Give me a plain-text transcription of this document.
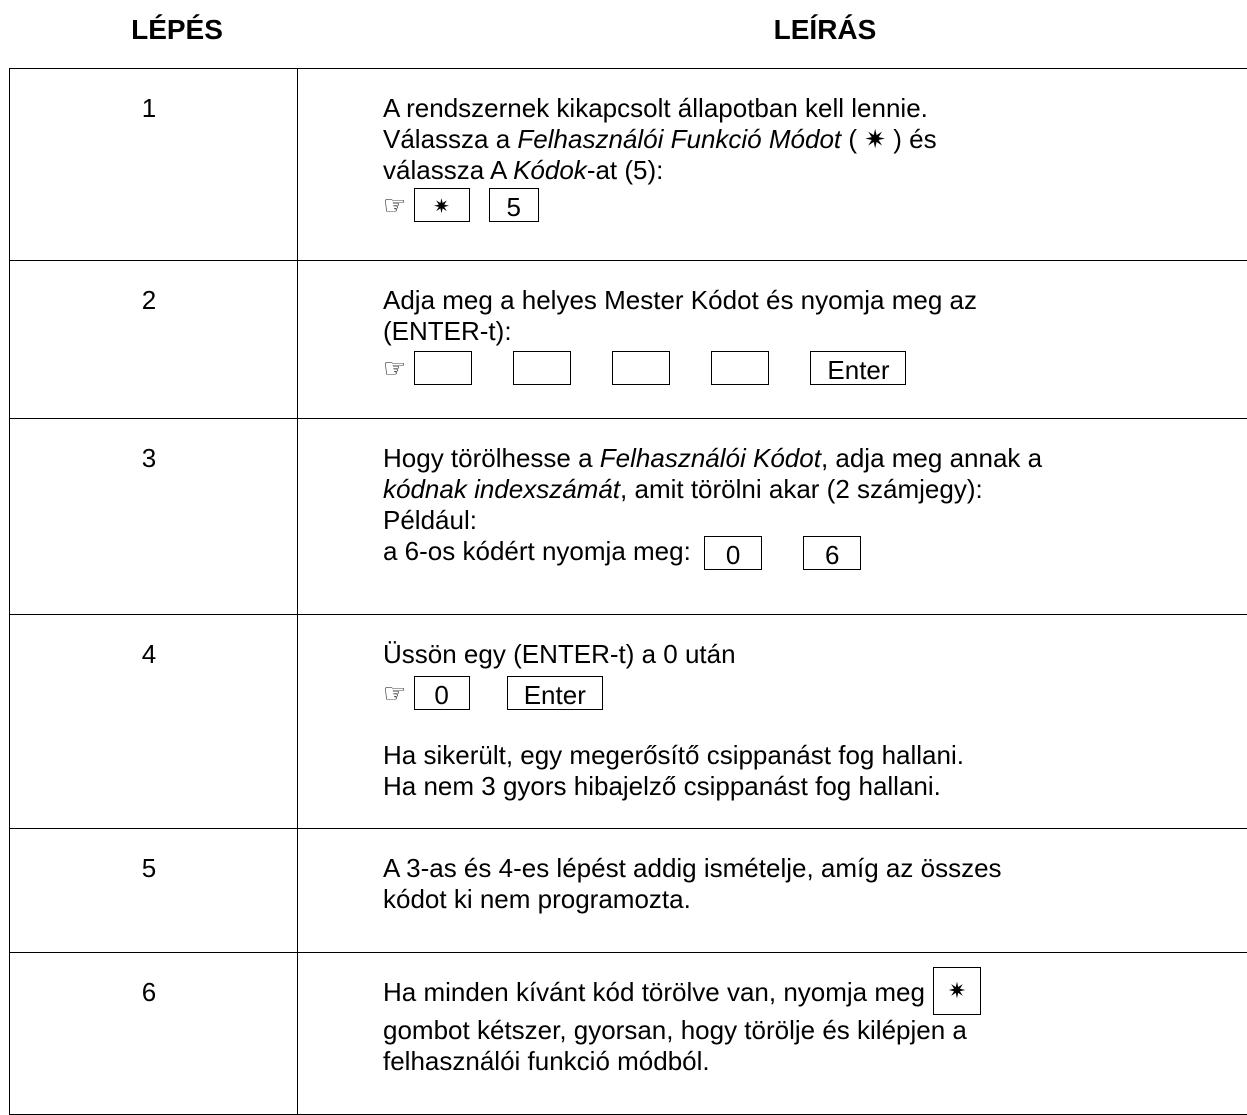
LÉPÉS	LEÍRÁS
1	A rendszernek kikapcsolt állapotban kell lennie.
Válassza a Felhasználói Funkció Módot ( ✷ ) és
válassza A Kódok-at (5):
☞ ✷ 5

2	Adja meg a helyes Mester Kódot és nyomja meg az
(ENTER-t):
☞ Enter

3	Hogy törölhesse a Felhasználói Kódot, adja meg annak a
kódnak indexszámát, amit törölni akar (2 számjegy):
Például:
a 6-os kódért nyomja meg: 0 6

4	Üssön egy (ENTER-t) a 0 után
☞ 0 Enter
Ha sikerült, egy megerősítő csippanást fog hallani.
Ha nem 3 gyors hibajelző csippanást fog hallani.

5	A 3-as és 4-es lépést addig ismételje, amíg az összes
kódot ki nem programozta.

6	Ha minden kívánt kód törölve van, nyomja meg ✷
gombot kétszer, gyorsan, hogy törölje és kilépjen a
felhasználói funkció módból.
